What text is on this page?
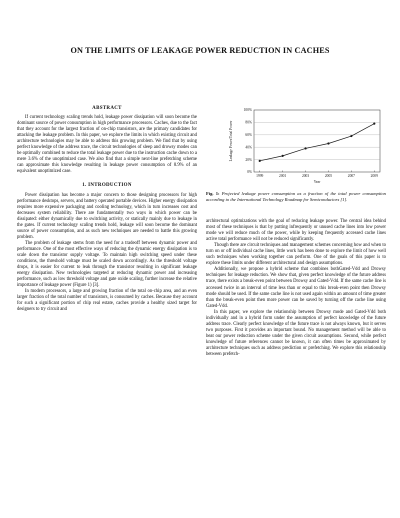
ON THE LIMITS OF LEAKAGE POWER REDUCTION IN CACHES
ABSTRACT

If current technology scaling trends hold, leakage power dissipation will soon become the dominant source of power consumption in high performance processors. Caches, due to the fact that they account for the largest fraction of on-chip transistors, are the primary candidates for attacking the leakage problem. In this paper, we explore the limits in which existing circuit and architecture technologies may be able to address this growing problem. We find that by using perfect knowledge of the address trace, the circuit technologies of sleep and drowsy modes can be optimally combined to reduce the total leakage power due to the instruction cache down to a mere 3.6% of the unoptimized case. We also find that a simple next-line prefetching scheme can approximate this knowledge resulting in leakage power consumption of 8.9% of an equivalent unoptimized case.

1. INTRODUCTION

Power dissipation has become a major concern to those designing processors for high performance desktops, servers, and battery operated portable devices. Higher energy dissipation requires more expensive packaging and cooling technology, which in turn increases cost and decreases system reliability. There are fundamentally two ways in which power can be dissipated: either dynamically due to switching activity, or statically mainly due to leakage in the gates. If current technology scaling trends hold, leakage will soon become the dominant source of power consumption, and as such new techniques are needed to battle this growing problem.

The problem of leakage stems from the need for a tradeoff between dynamic power and performance. One of the most effective ways of reducing the dynamic energy dissipation is to scale down the transistor supply voltage. To maintain high switching speed under these conditions, the threshold voltage must be scaled down accordingly. As the threshold voltage drops, it is easier for current to leak through the transistor resulting in significant leakage energy dissipation. New technologies targeted at reducing dynamic power and increasing performance, such as low threshold voltage and gate oxide scaling, further increase the relative importance of leakage power (Figure 1) [3].

In modern processors, a large and growing fraction of the total on-chip area, and an even larger fraction of the total number of transistors, is consumed by caches. Because they account for such a significant portion of chip real estate, caches provide a healthy sized target for designers to try circuit and

0%
20%
40%
60%
80%
100%
1999	2001	2003	2005	2007	2009
Year
Leakage Power/Total Power
Fig. 1: Projected leakage power consumption as a fraction of the total power consumption according to the International Technology Roadmap for Semiconductors [1].

architectural optimizations with the goal of reducing leakage power. The central idea behind most of these techniques is that by putting infrequently or unused cache lines into low power mode we will reduce much of the power, while by keeping frequently accessed cache lines active total performance will not be reduced significantly.

Though there are circuit techniques and management schemes concerning how and when to turn on or off individual cache lines, little work has been done to explore the limit of how well such techniques when working together can perform. One of the goals of this paper is to explore these limits under different architectural and design assumptions.

Additionally, we propose a hybrid scheme that combines bothGated-Vdd and Drowsy techniques for leakage reduction. We show that, given perfect knowledge of the future address trace, there exists a break-even point between Drowsy and Gated-Vdd. If the same cache line is accessed twice in an interval of time less than or equal to this break-even point then Drowsy mode should be used. If the same cache line is not used again within an amount of time greater than the break-even point then more power can be saved by turning off the cache line using Gated-Vdd.

In this paper, we explore the relationship between Drowsy mode and Gated-Vdd both individually and in a hybrid form under the assumption of perfect knowledge of the future address trace. Clearly perfect knowledge of the future trace is not always known, but it serves two purposes. First it provides an important bound. No management method will be able to beat our power reduction scheme under the given circuit assumptions. Second, while perfect knowledge of future references cannot be known, it can often times be approximated by architecture techniques such as address prediction or prefetching. We explore this relationship between prefetch-
